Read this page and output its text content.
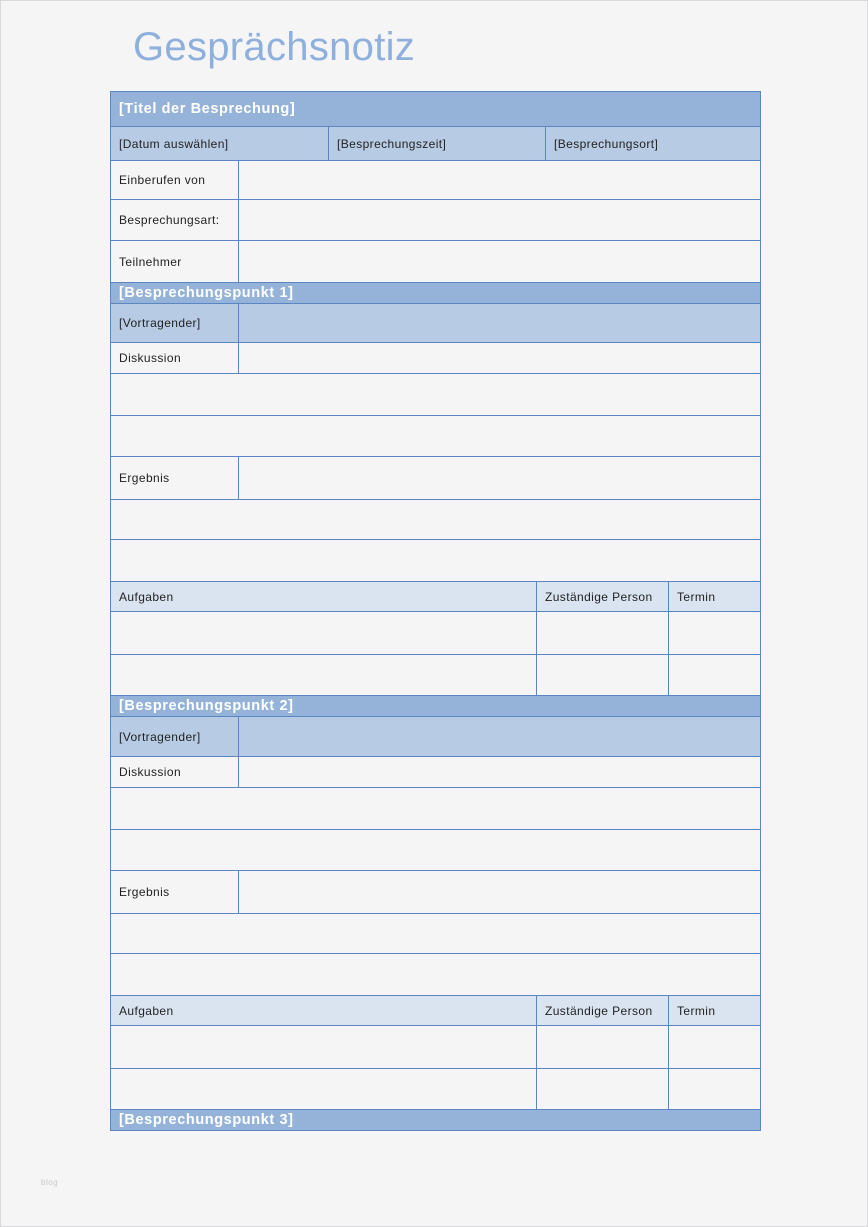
Gesprächsnotiz
[Titel der Besprechung]
[Datum auswählen]	[Besprechungszeit]	[Besprechungsort]
Einberufen von
Besprechungsart:
Teilnehmer
[Besprechungspunkt 1]
[Vortragender]
Diskussion
Ergebnis
Aufgaben	Zuständige Person	Termin
[Besprechungspunkt 2]
[Vortragender]
Diskussion
Ergebnis
Aufgaben	Zuständige Person	Termin
[Besprechungspunkt 3]
blog
